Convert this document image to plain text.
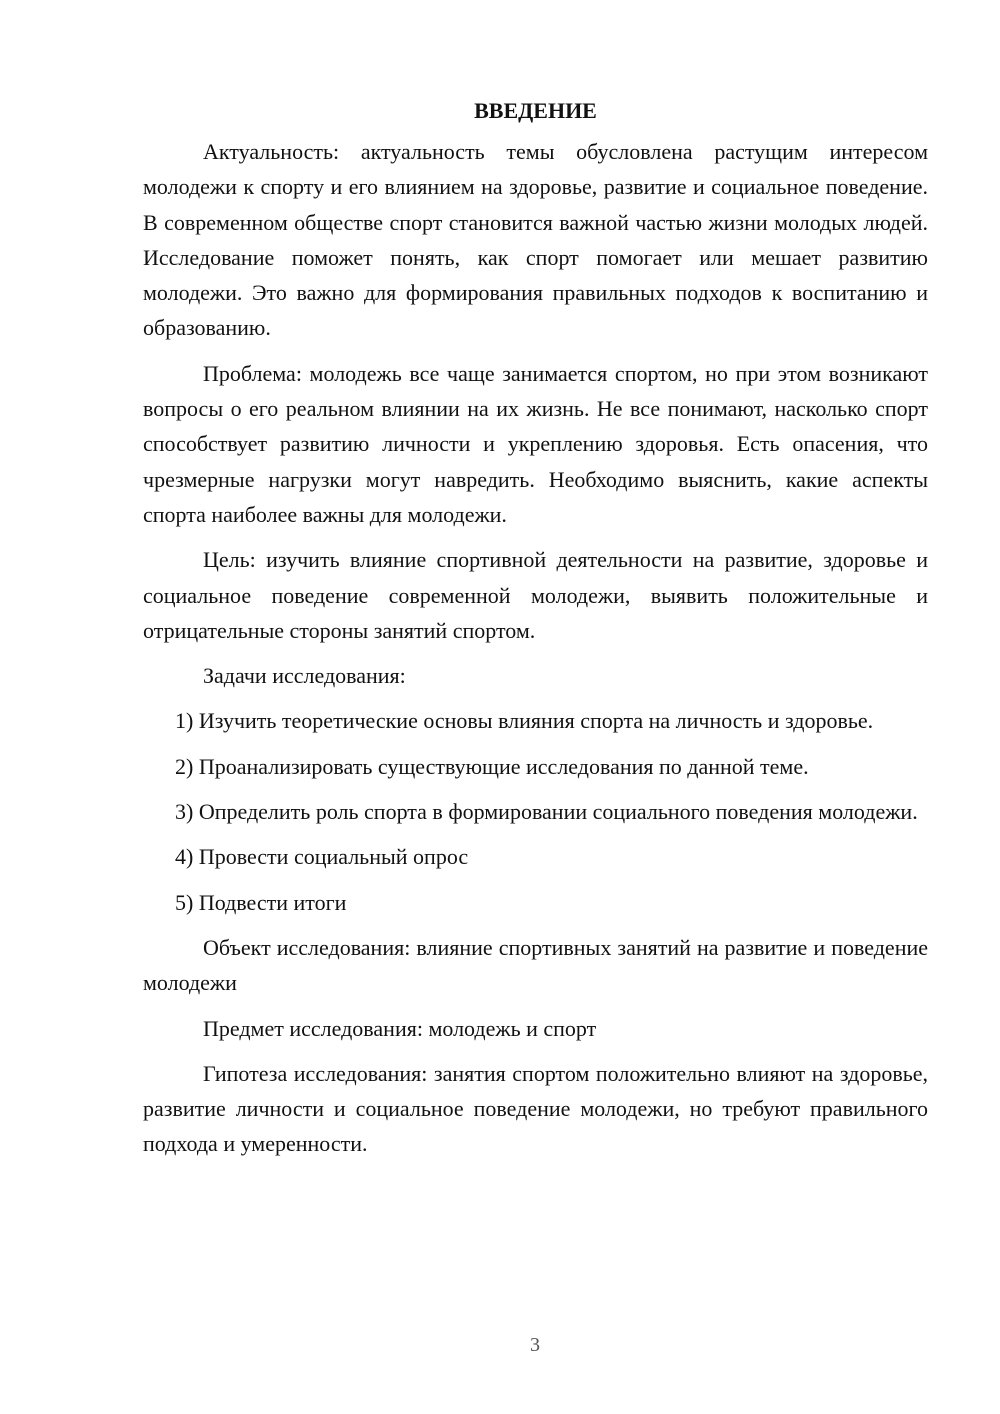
ВВЕДЕНИЕ

Актуальность: актуальность темы обусловлена растущим интересом молодежи к спорту и его влиянием на здоровье, развитие и социальное поведение. В современном обществе спорт становится важной частью жизни молодых людей. Исследование поможет понять, как спорт помогает или мешает развитию молодежи. Это важно для формирования правильных подходов к воспитанию и образованию.

Проблема: молодежь все чаще занимается спортом, но при этом возникают вопросы о его реальном влиянии на их жизнь. Не все понимают, насколько спорт способствует развитию личности и укреплению здоровья. Есть опасения, что чрезмерные нагрузки могут навредить. Необходимо выяснить, какие аспекты спорта наиболее важны для молодежи.

Цель: изучить влияние спортивной деятельности на развитие, здоровье и социальное поведение современной молодежи, выявить положительные и отрицательные стороны занятий спортом.

Задачи исследования:

1) Изучить теоретические основы влияния спорта на личность и здоровье.

2) Проанализировать существующие исследования по данной теме.

3) Определить роль спорта в формировании социального поведения молодежи.

4) Провести социальный опрос

5) Подвести итоги

Объект исследования: влияние спортивных занятий на развитие и поведение молодежи

Предмет исследования: молодежь и спорт

Гипотеза исследования: занятия спортом положительно влияют на здоровье, развитие личности и социальное поведение молодежи, но требуют правильного подхода и умеренности.

3
